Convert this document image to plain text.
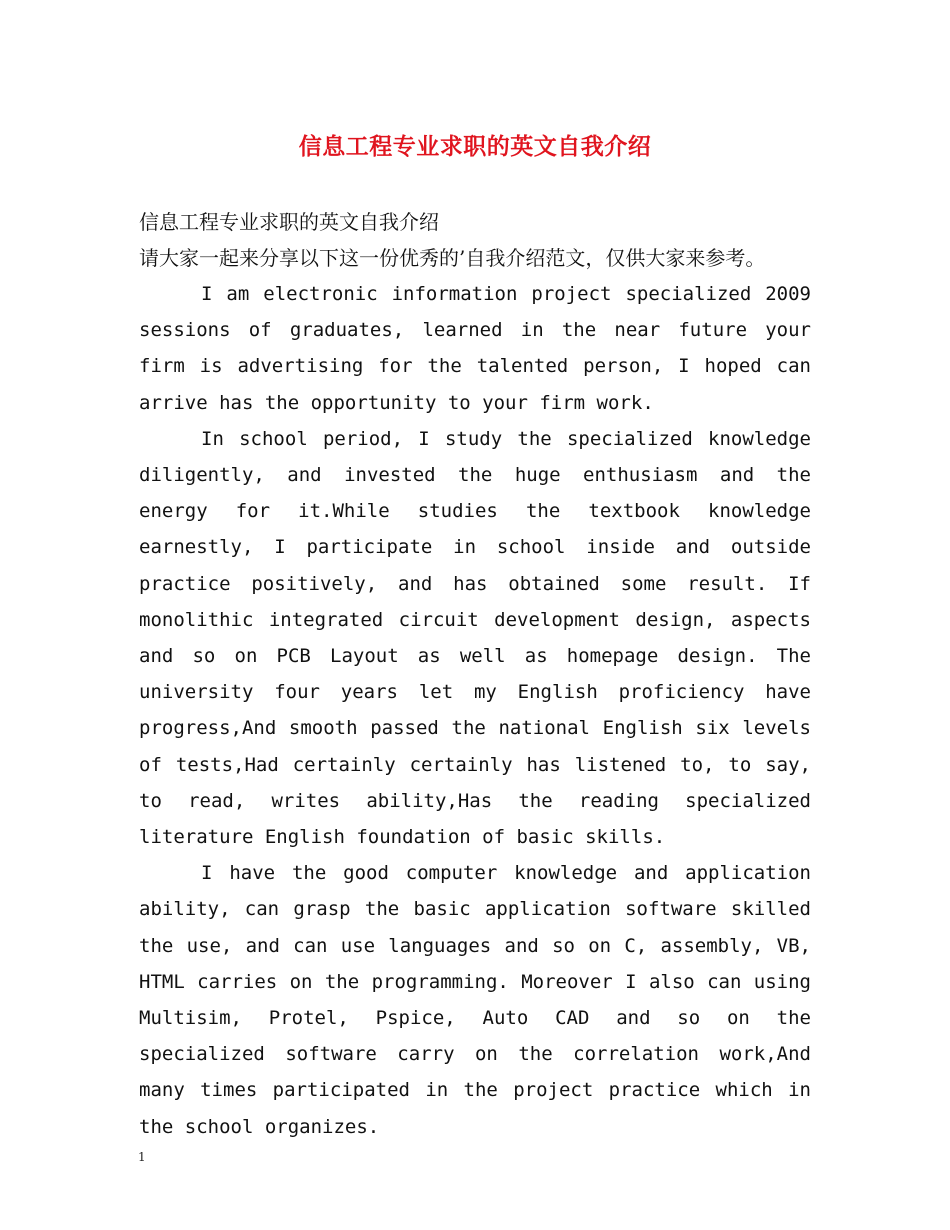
信息工程专业求职的英文自我介绍
信息工程专业求职的英文自我介绍
请大家一起来分享以下这一份优秀的’自我介绍范文，仅供大家来参考。

I am electronic information project specialized 2009 sessions of graduates, learned in the near future your firm is advertising for the talented person, I hoped can arrive has the opportunity to your firm work.

In school period, I study the specialized knowledge diligently, and invested the huge enthusiasm and the energy for it.While studies the textbook knowledge earnestly, I participate in school inside and outside practice positively, and has obtained some result. If monolithic integrated circuit development design, aspects and so on PCB Layout as well as homepage design. The university four years let my English proficiency have progress,And smooth passed the national English six levels of tests,Had certainly certainly has listened to, to say, to read, writes ability,Has the reading specialized literature English foundation of basic skills.

I have the good computer knowledge and application ability, can grasp the basic application software skilled the use, and can use languages and so on C, assembly, VB, HTML carries on the programming. Moreover I also can using Multisim, Protel, Pspice, Auto CAD and so on the specialized software carry on the correlation work,And many times participated in the project practice which in the school organizes.

1
